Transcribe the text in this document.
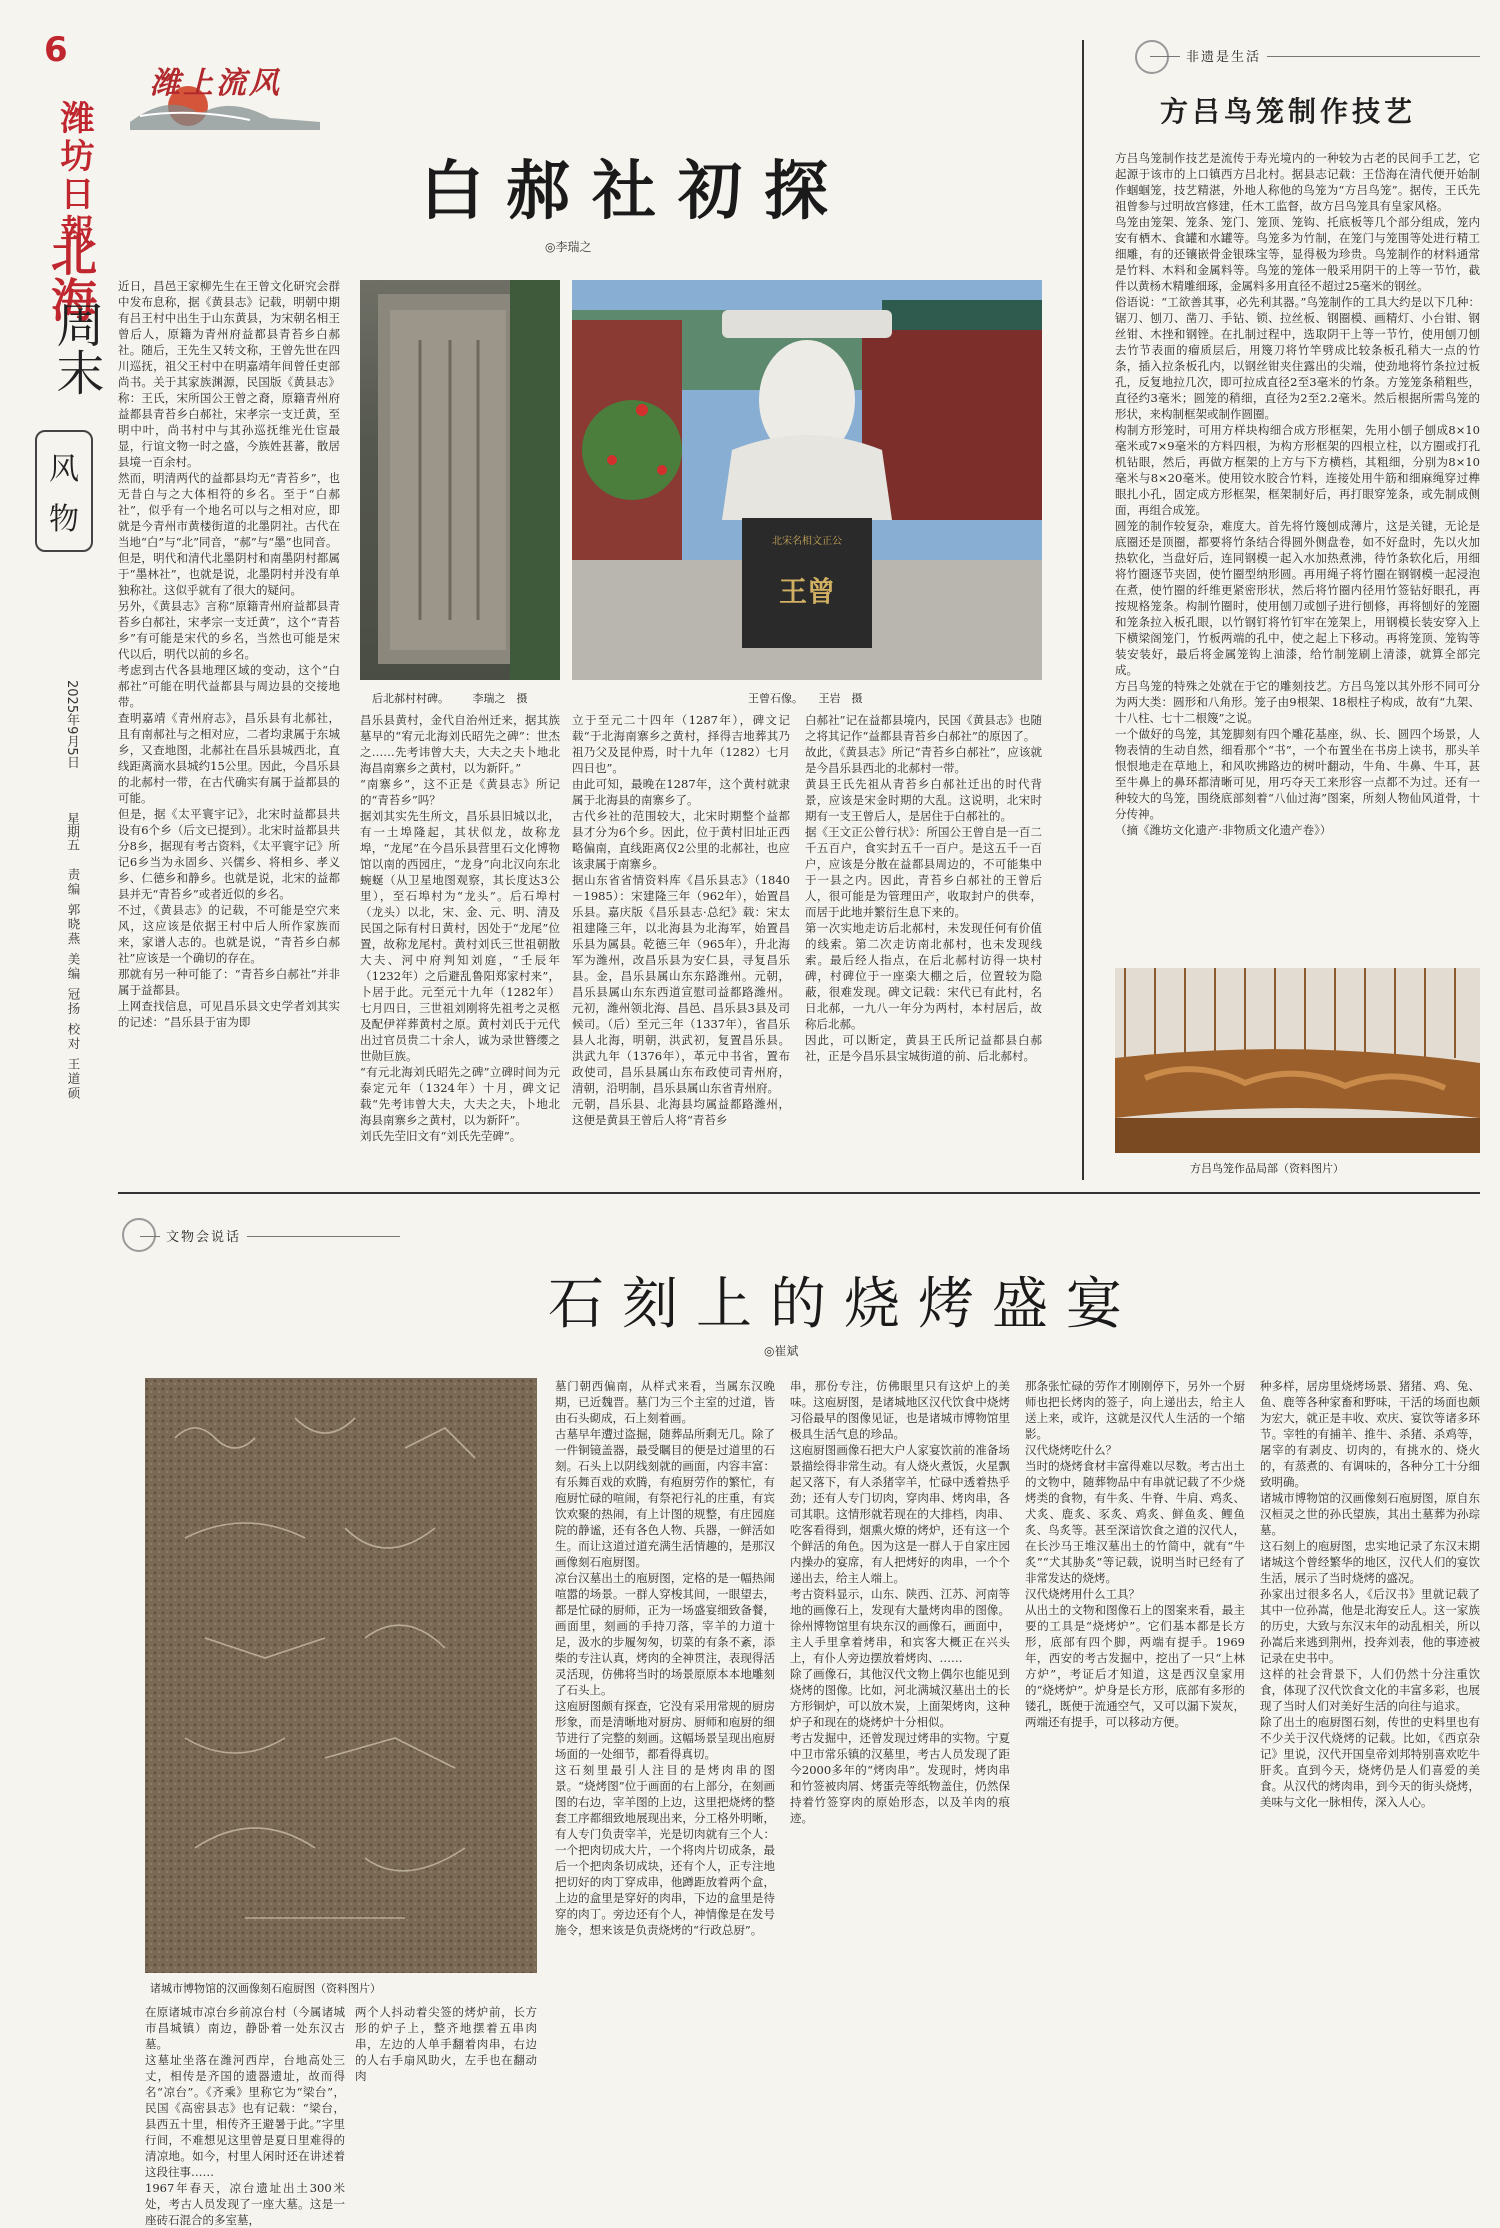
6
潍坊日報
北海
周末
风
物
2025年9月5日
星期五
责编 郭晓燕 美编 冠扬 校对 王道硕
潍上流风
白郝社初探
◎李瑞之
近日，昌邑王家柳先生在王曾文化研究会群中发布息称，据《黄县志》记载，明朝中期有吕王村中出生于山东黄县，为宋朝名相王曾后人，原籍为青州府益都县青苔乡白郝社。随后，王先生又转文称，王曾先世在四川巡抚，祖父王村中在明嘉靖年间曾任吏部尚书。关于其家族渊源，民国版《黄县志》称：王氏，宋所国公王曾之裔，原籍青州府益都县青苔乡白郝社，宋孝宗一支迁黄，至明中叶，尚书村中与其孙巡抚维光仕宦最显，行谊文物一时之盛，今族姓甚蕃，散居县境一百余村。
然而，明清两代的益都县均无“青苔乡”，也无昔白与之大体相符的乡名。至于“白郝社”，似乎有一个地名可以与之相对应，即就是今青州市黄楼街道的北墨阴社。古代在当地“白”与“北”同音，“郝”与“墨”也同音。
但是，明代和清代北墨阴村和南墨阴村都属于“墨林社”，也就是说，北墨阴村并没有单独称社。这似乎就有了很大的疑问。
另外，《黄县志》言称“原籍青州府益都县青苔乡白郝社，宋孝宗一支迁黄”，这个“青苔乡”有可能是宋代的乡名，当然也可能是宋代以后，明代以前的乡名。
考虑到古代各县地理区域的变动，这个“白郝社”可能在明代益都县与周边县的交接地带。
查明嘉靖《青州府志》，昌乐县有北郝社，且有南郝社与之相对应，二者均隶属于东城乡，又查地图，北郝社在昌乐县城西北，直线距离滴水县城约15公里。因此，今昌乐县的北郝村一带，在古代确实有属于益都县的可能。
但是，据《太平寰宇记》，北宋时益都县共设有6个乡（后文已提到）。北宋时益都县共分8乡，据现有考古资料，《太平寰宇记》所记6乡当为永固乡、兴儒乡、将相乡、孝义乡、仁德乡和静乡。也就是说，北宋的益都县并无“青苔乡”或者近似的乡名。
不过，《黄县志》的记载，不可能是空穴来风，这应该是依据王村中后人所作家族而来，家谱人志的。也就是说，“青苔乡白郝社”应该是一个确切的存在。
那就有另一种可能了：“青苔乡白郝社”并非属于益都县。
上网查找信息，可见昌乐县文史学者刘其实的记述：“昌乐县于宙为即
后北郝村村碑。 李瑞之　摄
北宋名相文正公
王曾
王曾石像。 王岩　摄
昌乐县黄村，金代自治州迁来，据其族墓早的“宥元北海刘氏昭先之碑”：世杰之……先考讳曾大夫，大夫之夫卜地北海昌南寨乡之黄村，以为新阡。”
“南寨乡”，这不正是《黄县志》所记的“青苔乡”吗？
据刘其实先生所文，昌乐县旧城以北，有一土埠隆起，其状似龙，故称龙埠，“龙尾”在今昌乐县营里石文化博物馆以南的西园庄，“龙身”向北汉向东北蜿蜒（从卫星地图观察，其长度达3公里），至石埠村为“龙头”。后石埠村（龙头）以北，宋、金、元、明、清及民国之际有村日黄村，因处于“龙尾”位置，故称龙尾村。黄村刘氏三世祖朝散大夫、河中府判知刘庭，“壬辰年（1232年）之后避乱鲁阳郑家村来”，卜居于此。元至元十九年（1282年）七月四日，三世祖刘刚将先祖考之灵柩及配伊祥葬黄村之原。黄村刘氏于元代出过官员贵二十余人，诚为录世簪缨之世勋巨族。
“有元北海刘氏昭先之碑”立碑时间为元泰定元年（1324年）十月，碑文记载“先考讳曾大夫，大夫之夫，卜地北海县南寨乡之黄村，以为新阡”。
刘氏先茔旧文有“刘氏先茔碑”。
立于至元二十四年（1287年），碑文记载“于北海南寨乡之黄村，择得吉地葬其乃祖乃父及昆仲焉，时十九年（1282）七月四日也”。
由此可知，最晚在1287年，这个黄村就隶属于北海县的南寨乡了。
古代乡社的范围较大，北宋时期整个益都县才分为6个乡。因此，位于黄村旧址正西略偏南，直线距离仅2公里的北郝社，也应该隶属于南寨乡。
据山东省省情资料库《昌乐县志》（1840－1985）：宋建隆三年（962年），始置昌乐县。嘉庆版《昌乐县志·总纪》载：宋太祖建隆三年，以北海县为北海军，始置昌乐县为属县。乾德三年（965年），升北海军为潍州，改昌乐县为安仁县，寻复昌乐县。金，昌乐县属山东东路潍州。元朝，昌乐县属山东东西道宣慰司益都路潍州。元初，潍州领北海、昌邑、昌乐县3县及司候司。（后）至元三年（1337年），省昌乐县人北海，明朝，洪武初，复置昌乐县。洪武九年（1376年），革元中书省，置布政使司，昌乐县属山东布政使司青州府，清朝，沿明制，昌乐县属山东省青州府。
元朝，昌乐县、北海县均属益都路潍州，这便是黄县王曾后人将“青苔乡
白郝社”记在益都县境内，民国《黄县志》也随之将其记作“益都县青苔乡白郝社”的原因了。
故此，《黄县志》所记“青苔乡白郝社”，应该就是今昌乐县西北的北郝村一带。
黄县王氏先祖从青苔乡白郝社迁出的时代背景，应该是宋金时期的大乱。这说明，北宋时期有一支王曾后人，是居住于白郝社的。
据《王文正公曾行状》：所国公王曾自是一百二千五百户，食实封五千一百户。是这五千一百户，应该是分散在益都县周边的，不可能集中于一县之内。因此，青苔乡白郝社的王曾后人，很可能是为管理田产，收取封户的供奉，而居于此地并繁衍生息下来的。
第一次实地走访后北郝村，未发现任何有价值的线索。第二次走访南北郝村，也未发现线索。最后经人指点，在后北郝村访得一块村碑，村碑位于一座楽大棚之后，位置较为隐蔽，很难发现。碑文记载：宋代已有此村，名日北郝，一九八一年分为两村，本村居后，故称后北郝。
因此，可以断定，黄县王氏所记益都县白郝社，正是今昌乐县宝城街道的前、后北郝村。
非遗是生活
方吕鸟笼制作技艺
方吕鸟笼制作技艺是流传于寿光境内的一种较为古老的民间手工艺，它起源于该市的上口镇西方吕北村。据县志记载：王岱海在清代便开始制作蝈蝈笼，技艺精湛，外地人称他的鸟笼为“方吕鸟笼”。据传，王氏先祖曾参与过明故宫修建，任木工监督，故方吕鸟笼具有皇家风格。
鸟笼由笼架、笼条、笼门、笼顶、笼钩、托底板等几个部分组成，笼内安有栖木、食罐和水罐等。鸟笼多为竹制，在笼门与笼围等处进行精工细雕，有的还镶嵌骨金银珠宝等，显得极为珍贵。鸟笼制作的材料通常是竹料、木料和金属料等。鸟笼的笼体一般采用阴干的上等一节竹，截件以黄杨木精雕细琢，金属料多用直径不超过25毫米的钢丝。
俗语说：“工欲善其事，必先利其器。”鸟笼制作的工具大约是以下几种：锯刀、刨刀、凿刀、手钻、锁、拉丝板、钢圈模、画精灯、小台钳、钢丝钳、木挫和钢锉。在扎制过程中，选取阴干上等一节竹，使用刨刀刨去竹节表面的瘤质层后，用篾刀将竹竿劈成比较条板孔稍大一点的竹条，插入拉条板孔内，以钢丝钳夹住露出的尖端，使劲地将竹条拉过板孔，反复地拉几次，即可拉成直径2至3毫米的竹条。方笼笼条稍粗些，直径约3毫米；圆笼的稍细，直径为2至2.2毫米。然后根据所需鸟笼的形状，来构制框架或制作圆圈。
构制方形笼时，可用方样块构细合成方形框架，先用小刨子刨成8×10毫米或7×9毫米的方料四根，为构方形框架的四根立柱，以方圈或打孔机钻眼，然后，再做方框架的上方与下方横档，其粗细，分别为8×10毫米与8×20毫米。使用铰水胶合竹料，连接处用牛筋和细麻绳穿过榫眼扎小孔，固定成方形框架，框架制好后，再打眼穿笼条，或先制成侧面，再组合成笼。
圆笼的制作较复杂，难度大。首先将竹篾刨成薄片，这是关键，无论是底圈还是顶圈，都要将竹条结合得圆外侧盘卷，如不好盘时，先以火加热软化，当盘好后，连同钢模一起入水加热煮沸，待竹条软化后，用细将竹圈逐节夹固，使竹圈型纳形圆。再用绳子将竹圈在钢钢模一起浸泡在煮，使竹圈的纤维更紧密形状，然后将竹圈内径用竹签钻好眼孔，再按规格笼条。构制竹圈时，使用刨刀或刨子进行刨修，再将刨好的笼圈和笼条拉入板孔眼，以竹钢钉将竹钉牢在笼架上，用钢模长装安穿入上下横梁阁笼门，竹板两端的孔中，使之起上下移动。再将笼顶、笼钩等装安装好，最后将金属笼钩上油漆，给竹制笼刷上清漆，就算全部完成。
方吕鸟笼的特殊之处就在于它的雕刻技艺。方吕鸟笼以其外形不同可分为两大类：圆形和八角形。笼子由9根架、18根柱子构成，故有“九架、十八柱、七十二根篾”之说。
一个做好的鸟笼，其笼脚刻有四个雕花基座，纵、长、圆四个场景，人物表情的生动自然，细看那个“书”，一个布置坐在书房上读书，那头羊恨恨地走在草地上，和风吹拂路边的树叶翻动，牛角、牛鼻、牛耳，甚至牛鼻上的鼻环都清晰可见，用巧夺天工来形容一点都不为过。还有一种较大的鸟笼，围绕底部刻着“八仙过海”图案，所刻人物仙风道骨，十分传神。
（摘《潍坊文化遗产·非物质文化遗产卷》）
方吕鸟笼作品局部（资料图片）
文物会说话
石刻上的烧烤盛宴
◎崔斌
诸城市博物馆的汉画像刻石庖厨图（资料图片）
在原诸城市凉台乡前凉台村（今属诸城市昌城镇）南边，静卧着一处东汉古墓。
这墓址坐落在潍河西岸，台地高处三丈，相传是齐国的遗器遗址，故而得名“凉台”。《齐乘》里称它为“梁台”，民国《高密县志》也有记载：“梁台，县西五十里，相传齐王避暑于此。”字里行间，不难想见这里曾是夏日里难得的清凉地。如今，村里人闲时还在讲述着这段往事……
1967年春天，凉台遗址出土300米处，考古人员发现了一座大墓。这是一座砖石混合的多室墓，
两个人抖动着尖签的烤炉前，长方形的炉子上，整齐地摆着五串肉串，左边的人单手翻着肉串，右边的人右手扇风助火，左手也在翻动肉
墓门朝西偏南，从样式来看，当属东汉晚期，已近魏晋。墓门为三个主室的过道，皆由石头砌成，石上刻着画。
古墓早年遭过盗掘，随葬品所剩无几。除了一件铜镜盖器，最受瞩目的便是过道里的石刻。石头上以阴线刻就的画面，内容丰富：有乐舞百戏的欢腾，有疱厨劳作的繁忙，有庖厨忙碌的喧闹，有祭祀行礼的庄重，有宾饮欢聚的热闹，有上计图的规整，有庄园庭院的静谧，还有各色人物、兵器，一鲜活如生。而让这道过道充满生活情趣的，是那汉画像刻石庖厨图。
凉台汉墓出土的庖厨图，定格的是一幅热闹喧嚣的场景。一群人穿梭其间，一眼望去，都是忙碌的厨师，正为一场盛宴细致备餐，画面里，刻画的手持刀落，宰羊的力道十足，汲水的步履匆匆，切菜的有条不紊，添柴的专注认真，烤肉的全神贯注，表现得活灵活现，仿佛将当时的场景原原本本地雕刻了石头上。
这庖厨图颇有探查，它没有采用常规的厨房形象，而是清晰地对厨房、厨师和庖厨的细节进行了完整的刻画。这幅场景呈现出庖厨场面的一处细节，都看得真切。
这石刻里最引人注目的是烤肉串的图景。“烧烤图”位于画面的右上部分，在刻画图的右边，宰羊图的上边，这里把烧烤的整套工序都细致地展现出来，分工格外明晰，有人专门负责宰羊，光是切肉就有三个人：一个把肉切成大片，一个将肉片切成条，最后一个把肉条切成块，还有个人，正专注地把切好的肉丁穿成串，他蹲距放着两个盒，上边的盒里是穿好的肉串，下边的盒里是待穿的肉丁。旁边还有个人，神情像是在发号施令，想来该是负责烧烤的“行政总厨”。
串，那份专注，仿佛眼里只有这炉上的美味。这庖厨图，是诸城地区汉代饮食中烧烤习俗最早的图像见证，也是诸城市博物馆里极具生活气息的珍品。
这庖厨图画像石把大户人家宴饮前的准备场景描绘得非常生动。有人烧火煮饭，火星飘起又落下，有人杀猪宰羊，忙碌中透着热乎劲；还有人专门切肉，穿肉串、烤肉串，各司其职。这情形就若现在的大排档，肉串、吃客看得到，烟熏火燎的烤炉，还有这一个个鲜活的角色。因为这是一群人于自家庄园内操办的宴席，有人把烤好的肉串，一个个递出去，给主人端上。
考古资料显示，山东、陕西、江苏、河南等地的画像石上，发现有大量烤肉串的图像。徐州博物馆里有块东汉的画像石，画面中，主人手里拿着烤串，和宾客大概正在兴头上，有仆人旁边摆放着烤肉、……
除了画像石，其他汉代文物上偶尔也能见到烧烤的图像。比如，河北满城汉墓出土的长方形铜炉，可以放木炭，上面架烤肉，这种炉子和现在的烧烤炉十分相似。
考古发掘中，还曾发现过烤串的实物。宁夏中卫市常乐镇的汉墓里，考古人员发现了距今2000多年的“烤肉串”。发现时，烤肉串和竹签被肉屑、烤蛋壳等纸物盖住，仍然保持着竹签穿肉的原始形态，以及羊肉的痕迹。
那条张忙碌的劳作才刚刚停下，另外一个厨师也把长烤肉的签子，向上递出去，给主人送上来，或许，这就是汉代人生活的一个缩影。
汉代烧烤吃什么？
当时的烧烤食材丰富得难以尽数。考古出土的文物中，随葬物品中有串就记载了不少烧烤类的食物，有牛炙、牛脊、牛肩、鸡炙、犬炙、鹿炙、豕炙、鸡炙、鲜鱼炙、鲤鱼炙、鸟炙等。甚至深谙饮食之道的汉代人，在长沙马王堆汉墓出土的竹简中，就有“牛炙”“犬其胁炙”等记载，说明当时已经有了非常发达的烧烤。
汉代烧烤用什么工具？
从出土的文物和图像石上的图案来看，最主要的工具是“烧烤炉”。它们基本都是长方形，底部有四个脚，两端有提手。1969年，西安的考古发掘中，挖出了一只“上林方炉”，考证后才知道，这是西汉皇家用的“烧烤炉”。炉身是长方形，底部有多形的镂孔，既便于流通空气，又可以漏下炭灰，两端还有提手，可以移动方便。
种多样，居房里烧烤场景、猪猪、鸡、兔、鱼、鹿等各种家畜和野味，干活的场面也颇为宏大，就正是丰收、欢庆、宴饮等诸多环节。宰牲的有捕羊、推牛、杀猪、杀鸡等，屠宰的有剥皮、切肉的，有挑水的、烧火的，有蒸煮的、有调味的，各种分工十分细致明确。
诸城市博物馆的汉画像刻石庖厨图，原自东汉桓灵之世的孙氏望族，其出土墓葬为孙琮墓。
这石刻上的庖厨图，忠实地记录了东汉末期诸城这个曾经繁华的地区，汉代人们的宴饮生活，展示了当时烧烤的盛况。
孙家出过很多名人，《后汉书》里就记载了其中一位孙嵩，他是北海安丘人。这一家族的历史，大致与东汉末年的动乱相关，所以孙嵩后来逃到荆州，投奔刘表，他的事迹被记录在史书中。
这样的社会背景下，人们仍然十分注重饮食，体现了汉代饮食文化的丰富多彩，也展现了当时人们对美好生活的向往与追求。
除了出土的庖厨图石刻，传世的史料里也有不少关于汉代烧烤的记载。比如，《西京杂记》里说，汉代开国皇帝刘邦特别喜欢吃牛肝炙。直到今天，烧烤仍是人们喜爱的美食。从汉代的烤肉串，到今天的街头烧烤，美味与文化一脉相传，深入人心。
